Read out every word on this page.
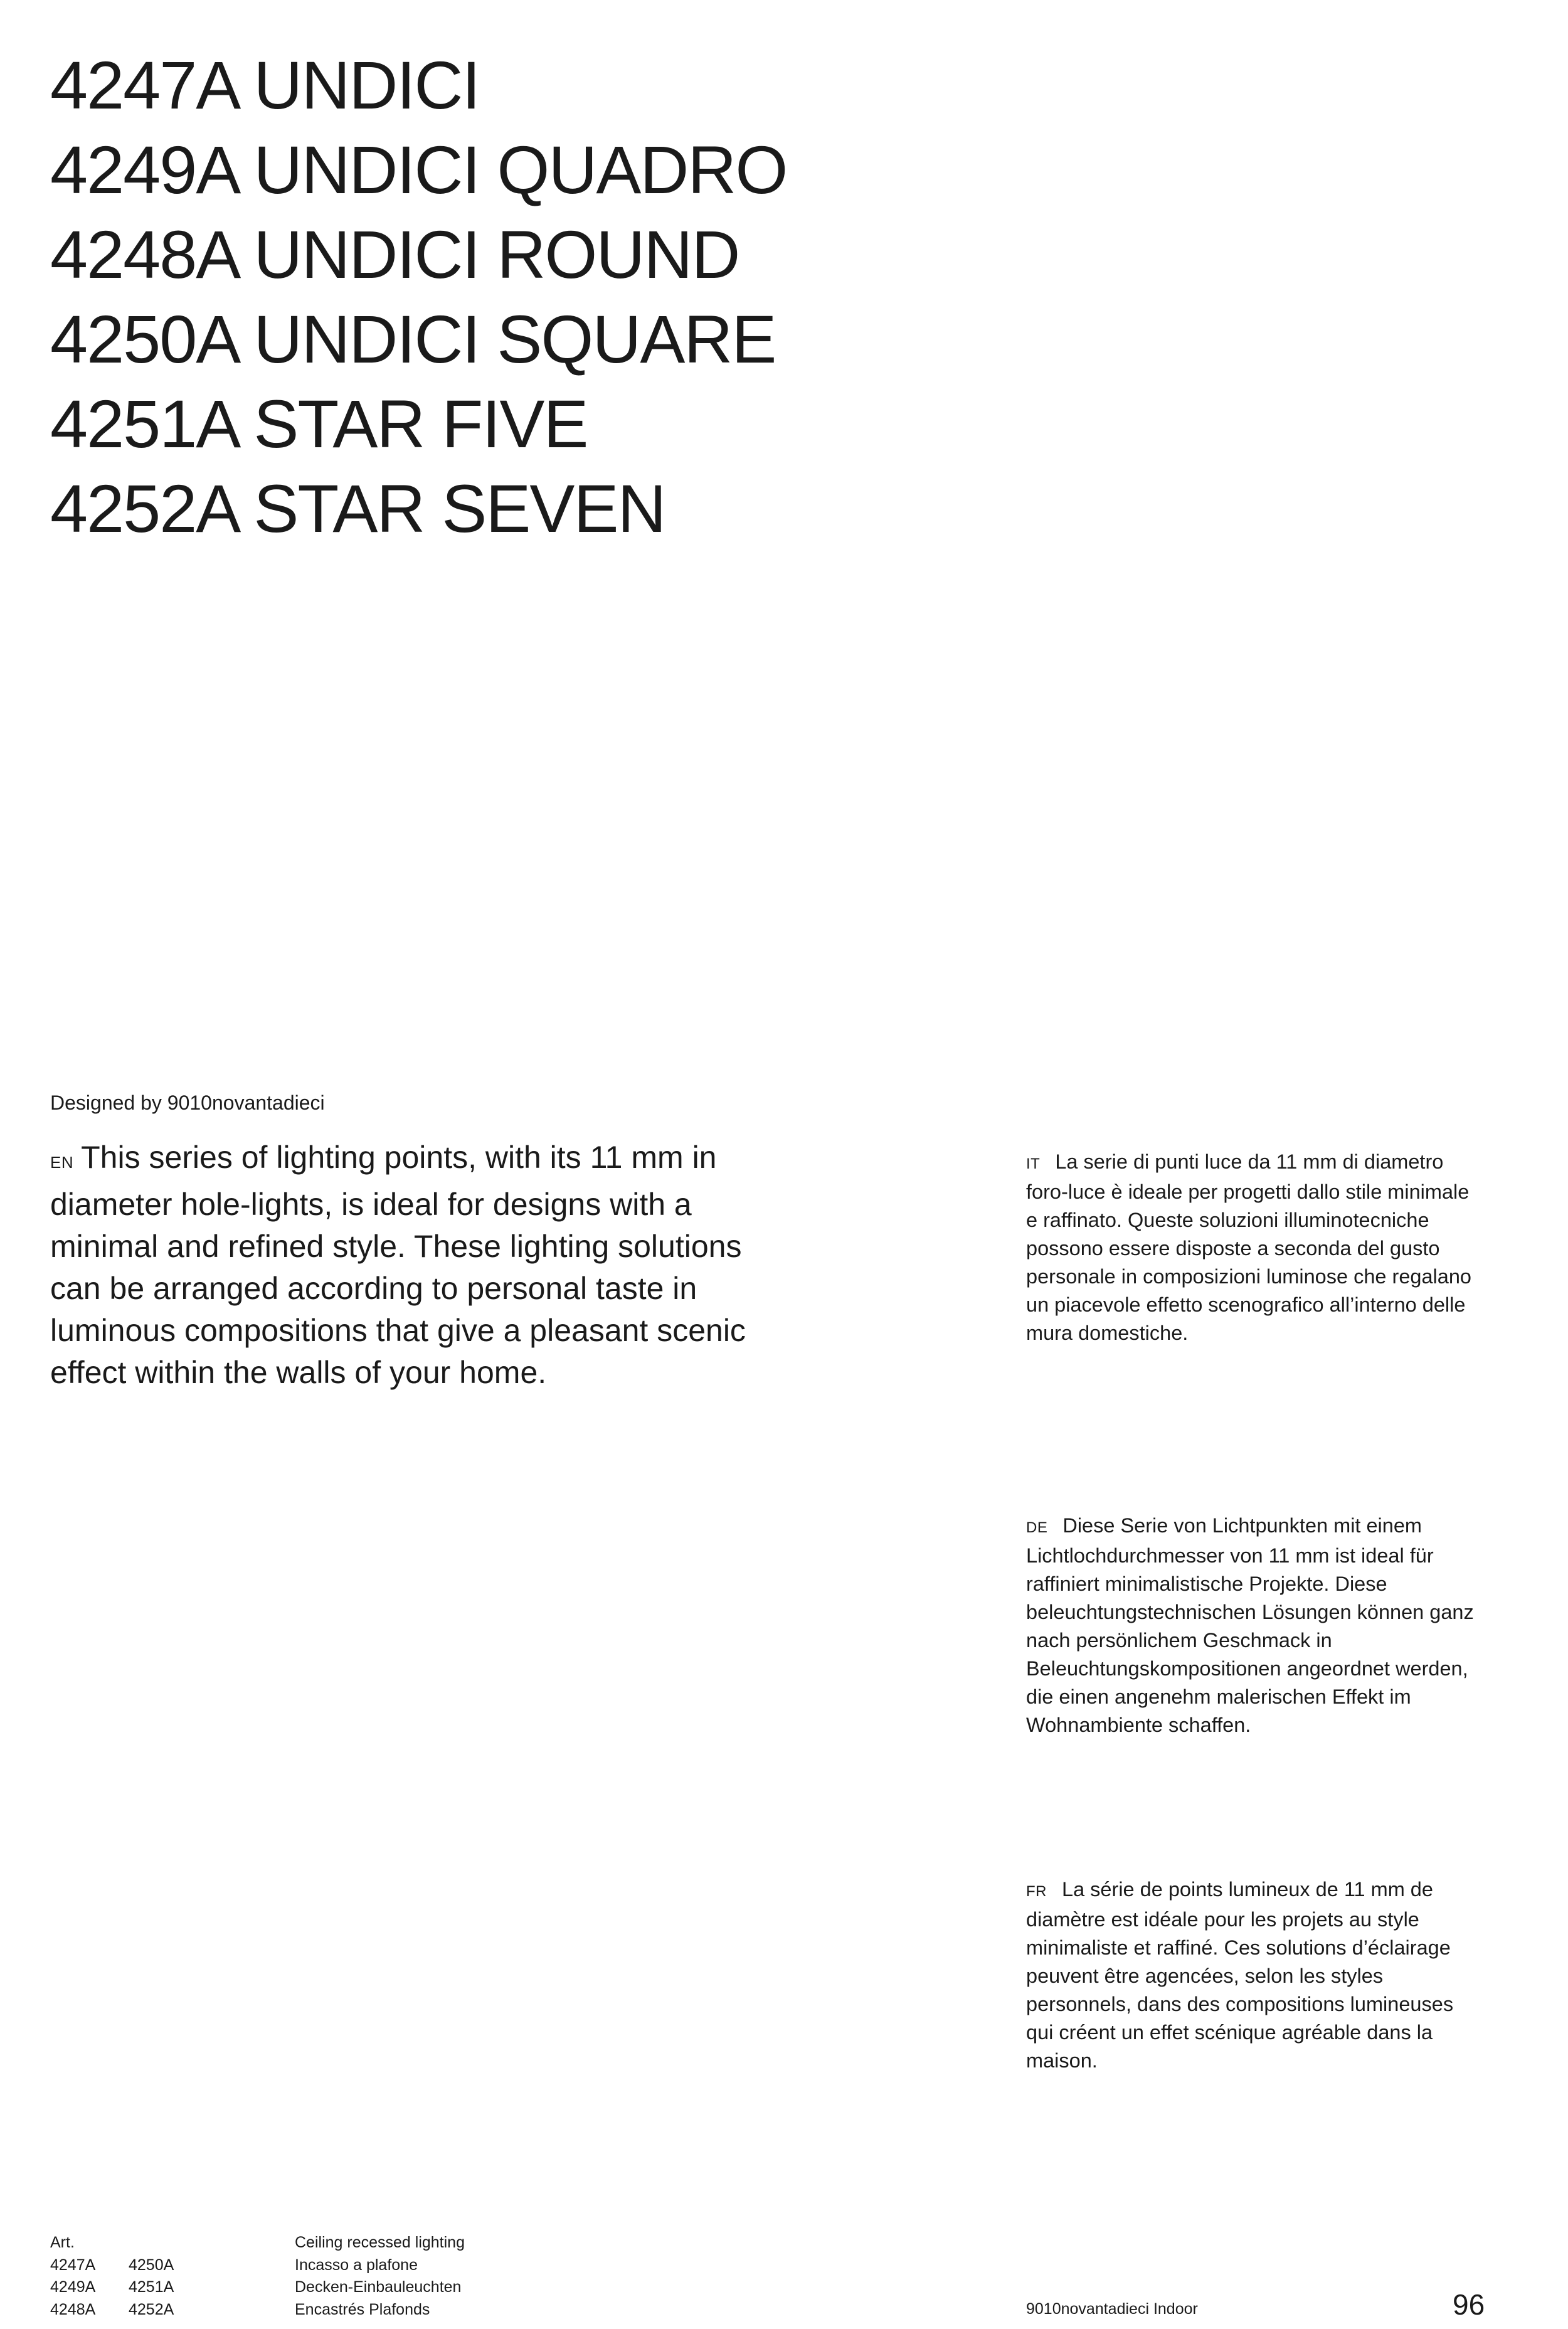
4247A UNDICI
4249A UNDICI QUADRO
4248A UNDICI ROUND
4250A UNDICI SQUARE
4251A STAR FIVE
4252A STAR SEVEN
Designed by 9010novantadieci
EN This series of lighting points, with its 11 mm in diameter hole-lights, is ideal for designs with a minimal and refined style. These lighting solutions can be arranged according to personal taste in luminous compositions that give a pleasant scenic effect within the walls of your home.
IT La serie di punti luce da 11 mm di diametro foro-luce è ideale per progetti dallo stile minimale e raffinato. Queste soluzioni illuminotecniche possono essere disposte a seconda del gusto personale in composizioni luminose che regalano un piacevole effetto scenografico all’interno delle mura domestiche.
DE Diese Serie von Lichtpunkten mit einem Lichtlochdurchmesser von 11 mm ist ideal für raffiniert minimalistische Projekte. Diese beleuchtungstechnischen Lösungen können ganz nach persönlichem Geschmack in Beleuchtungskompositionen angeordnet werden, die einen angenehm malerischen Effekt im Wohnambiente schaffen.
FR La série de points lumineux de 11 mm de diamètre est idéale pour les projets au style minimaliste et raffiné. Ces solutions d’éclairage peuvent être agencées, selon les styles personnels, dans des compositions lumineuses qui créent un effet scénique agréable dans la maison.
Art.
4247A
4249A
4248A
4250A
4251A
4252A
Ceiling recessed lighting
Incasso a plafone
Decken-Einbauleuchten
Encastrés Plafonds	9010novantadieci Indoor	96
